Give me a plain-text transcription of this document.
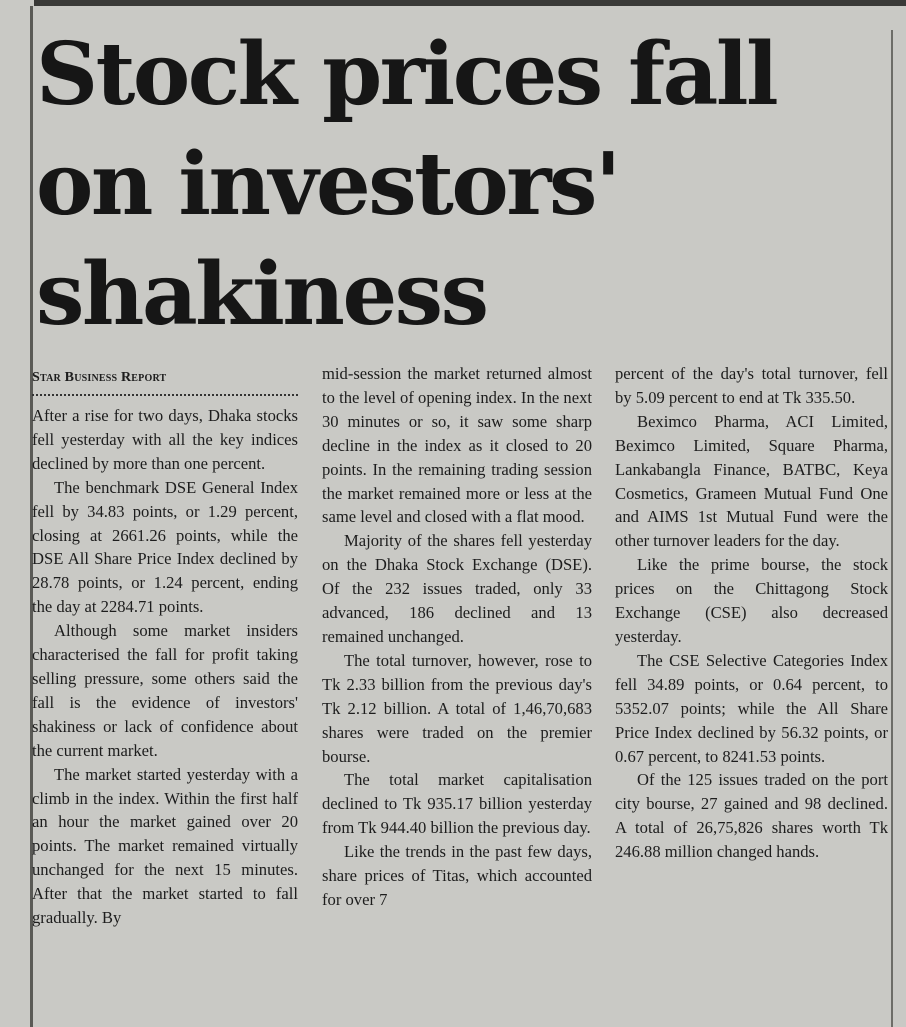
Stock prices fall on investors' shakiness
Star Business Report

After a rise for two days, Dhaka stocks fell yesterday with all the key indices declined by more than one percent.

The benchmark DSE General Index fell by 34.83 points, or 1.29 percent, closing at 2661.26 points, while the DSE All Share Price Index declined by 28.78 points, or 1.24 percent, ending the day at 2284.71 points.

Although some market insiders characterised the fall for profit taking selling pressure, some others said the fall is the evidence of investors' shakiness or lack of confidence about the current market.

The market started yesterday with a climb in the index. Within the first half an hour the market gained over 20 points. The market remained virtually unchanged for the next 15 minutes. After that the market started to fall gradually. By

mid-session the market returned almost to the level of opening index. In the next 30 minutes or so, it saw some sharp decline in the index as it closed to 20 points. In the remaining trading session the market remained more or less at the same level and closed with a flat mood.

Majority of the shares fell yesterday on the Dhaka Stock Exchange (DSE). Of the 232 issues traded, only 33 advanced, 186 declined and 13 remained unchanged.

The total turnover, however, rose to Tk 2.33 billion from the previous day's Tk 2.12 billion. A total of 1,46,70,683 shares were traded on the premier bourse.

The total market capitalisation declined to Tk 935.17 billion yesterday from Tk 944.40 billion the previous day.

Like the trends in the past few days, share prices of Titas, which accounted for over 7

percent of the day's total turnover, fell by 5.09 percent to end at Tk 335.50.

Beximco Pharma, ACI Limited, Beximco Limited, Square Pharma, Lankabangla Finance, BATBC, Keya Cosmetics, Grameen Mutual Fund One and AIMS 1st Mutual Fund were the other turnover leaders for the day.

Like the prime bourse, the stock prices on the Chittagong Stock Exchange (CSE) also decreased yesterday.

The CSE Selective Categories Index fell 34.89 points, or 0.64 percent, to 5352.07 points; while the All Share Price Index declined by 56.32 points, or 0.67 percent, to 8241.53 points.

Of the 125 issues traded on the port city bourse, 27 gained and 98 declined. A total of 26,75,826 shares worth Tk 246.88 million changed hands.
